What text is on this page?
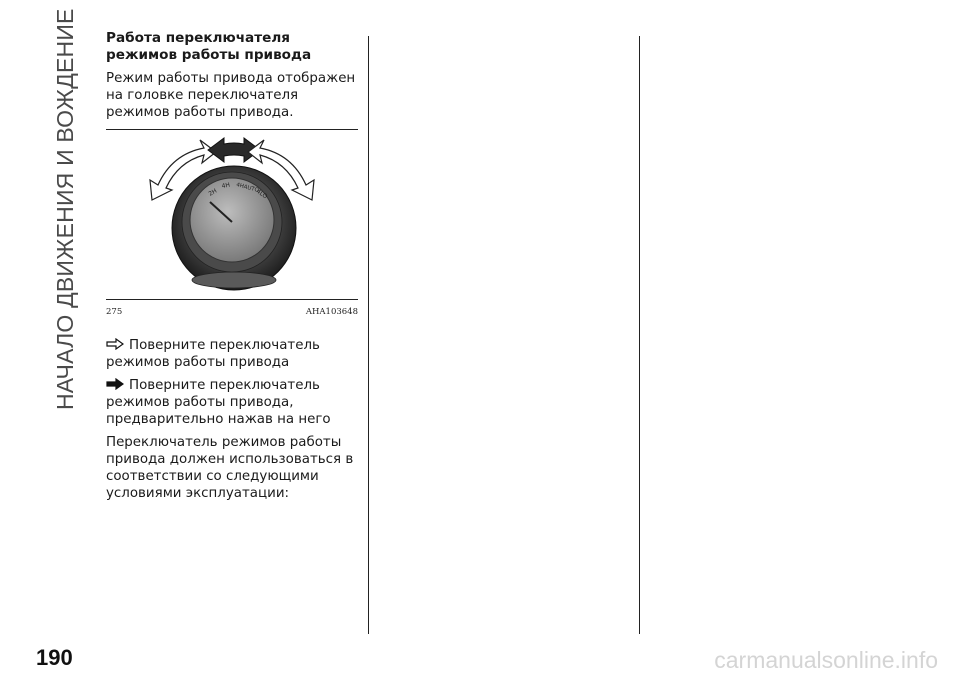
НАЧАЛО ДВИЖЕНИЯ И ВОЖДЕНИЕ
190

Работа переключателя режимов работы привода

Режим работы привода отображен на головке переключателя режимов работы привода.

2H
4H 4HAUTO
4LO
275	AHA103648

Поверните переключатель режимов работы привода

Поверните переключатель режимов работы привода, предварительно нажав на него

Переключатель режимов работы привода должен использоваться в соответствии со следующими условиями эксплуатации:

carmanualsonline.info
